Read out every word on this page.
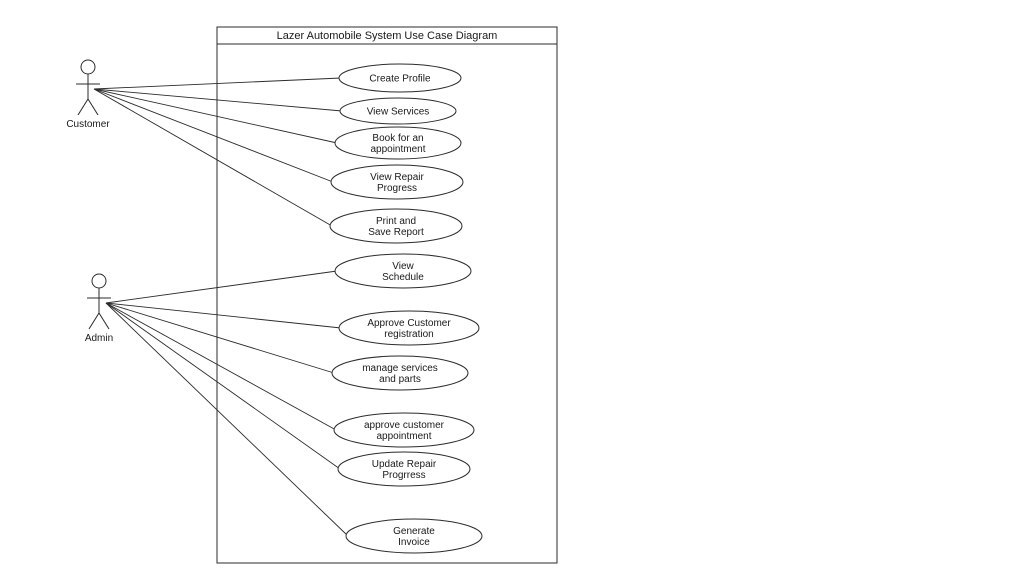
Lazer Automobile System Use Case Diagram
Create Profile
View Services
Book for an
appointment
View Repair
Progress
Print and
Save Report
View
Schedule
Approve Customer
registration
manage services
and parts
approve customer
appointment
Update Repair
Progrress
Generate
Invoice
Customer
Admin
